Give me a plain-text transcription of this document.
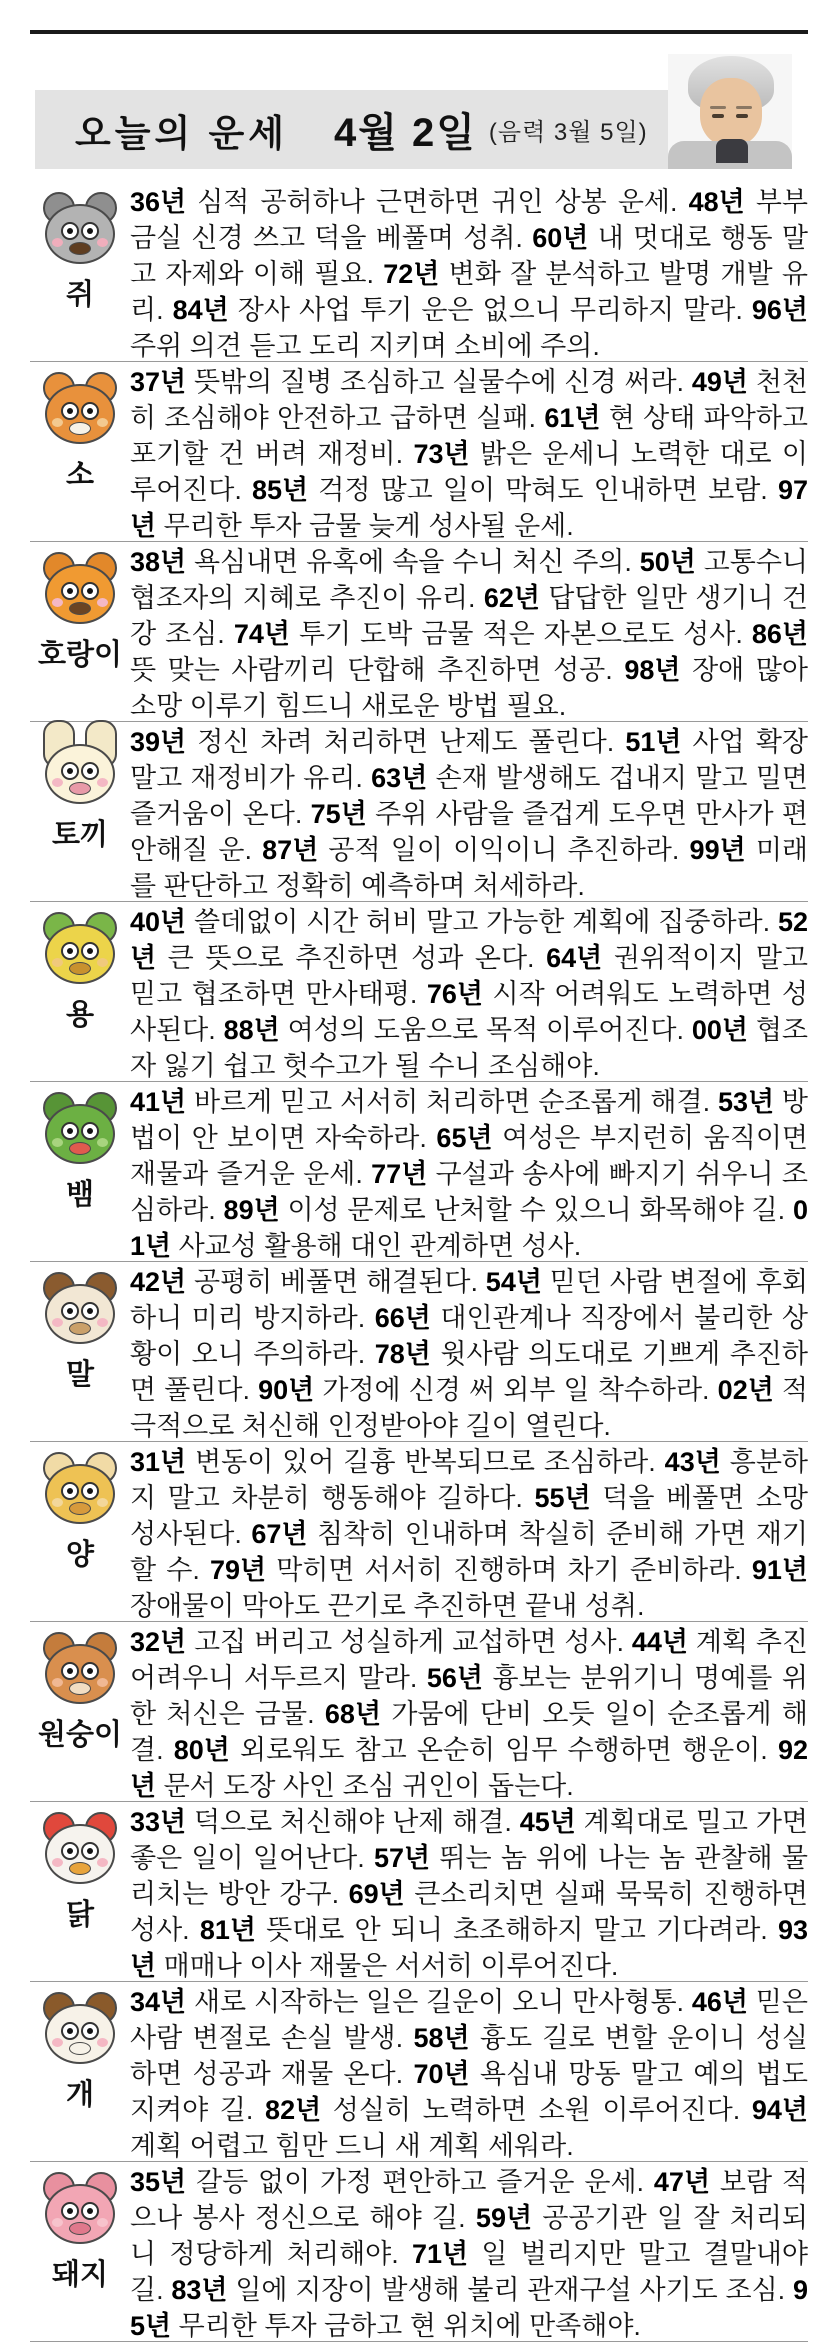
오늘의 운세 4월 2일 (음력 3월 5일)
쥐
36년 심적 공허하나 근면하면 귀인 상봉 운세. 48년 부부 금실 신경 쓰고 덕을 베풀며 성취. 60년 내 멋대로 행동 말고 자제와 이해 필요. 72년 변화 잘 분석하고 발명 개발 유리. 84년 장사 사업 투기 운은 없으니 무리하지 말라. 96년 주위 의견 듣고 도리 지키며 소비에 주의.
소
37년 뜻밖의 질병 조심하고 실물수에 신경 써라. 49년 천천히 조심해야 안전하고 급하면 실패. 61년 현 상태 파악하고 포기할 건 버려 재정비. 73년 밝은 운세니 노력한 대로 이루어진다. 85년 걱정 많고 일이 막혀도 인내하면 보람. 97년 무리한 투자 금물 늦게 성사될 운세.
호랑이
38년 욕심내면 유혹에 속을 수니 처신 주의. 50년 고통수니 협조자의 지혜로 추진이 유리. 62년 답답한 일만 생기니 건강 조심. 74년 투기 도박 금물 적은 자본으로도 성사. 86년 뜻 맞는 사람끼리 단합해 추진하면 성공. 98년 장애 많아 소망 이루기 힘드니 새로운 방법 필요.
토끼
39년 정신 차려 처리하면 난제도 풀린다. 51년 사업 확장 말고 재정비가 유리. 63년 손재 발생해도 겁내지 말고 밀면 즐거움이 온다. 75년 주위 사람을 즐겁게 도우면 만사가 편안해질 운. 87년 공적 일이 이익이니 추진하라. 99년 미래를 판단하고 정확히 예측하며 처세하라.
용
40년 쓸데없이 시간 허비 말고 가능한 계획에 집중하라. 52년 큰 뜻으로 추진하면 성과 온다. 64년 권위적이지 말고 믿고 협조하면 만사태평. 76년 시작 어려워도 노력하면 성사된다. 88년 여성의 도움으로 목적 이루어진다. 00년 협조자 잃기 쉽고 헛수고가 될 수니 조심해야.
뱀
41년 바르게 믿고 서서히 처리하면 순조롭게 해결. 53년 방법이 안 보이면 자숙하라. 65년 여성은 부지런히 움직이면 재물과 즐거운 운세. 77년 구설과 송사에 빠지기 쉬우니 조심하라. 89년 이성 문제로 난처할 수 있으니 화목해야 길. 01년 사교성 활용해 대인 관계하면 성사.
말
42년 공평히 베풀면 해결된다. 54년 믿던 사람 변절에 후회하니 미리 방지하라. 66년 대인관계나 직장에서 불리한 상황이 오니 주의하라. 78년 윗사람 의도대로 기쁘게 추진하면 풀린다. 90년 가정에 신경 써 외부 일 착수하라. 02년 적극적으로 처신해 인정받아야 길이 열린다.
양
31년 변동이 있어 길흉 반복되므로 조심하라. 43년 흥분하지 말고 차분히 행동해야 길하다. 55년 덕을 베풀면 소망 성사된다. 67년 침착히 인내하며 착실히 준비해 가면 재기할 수. 79년 막히면 서서히 진행하며 차기 준비하라. 91년 장애물이 막아도 끈기로 추진하면 끝내 성취.
원숭이
32년 고집 버리고 성실하게 교섭하면 성사. 44년 계획 추진 어려우니 서두르지 말라. 56년 흉보는 분위기니 명예를 위한 처신은 금물. 68년 가뭄에 단비 오듯 일이 순조롭게 해결. 80년 외로워도 참고 온순히 임무 수행하면 행운이. 92년 문서 도장 사인 조심 귀인이 돕는다.
닭
33년 덕으로 처신해야 난제 해결. 45년 계획대로 밀고 가면 좋은 일이 일어난다. 57년 뛰는 놈 위에 나는 놈 관찰해 물리치는 방안 강구. 69년 큰소리치면 실패 묵묵히 진행하면 성사. 81년 뜻대로 안 되니 초조해하지 말고 기다려라. 93년 매매나 이사 재물은 서서히 이루어진다.
개
34년 새로 시작하는 일은 길운이 오니 만사형통. 46년 믿은 사람 변절로 손실 발생. 58년 흉도 길로 변할 운이니 성실하면 성공과 재물 온다. 70년 욕심내 망동 말고 예의 법도 지켜야 길. 82년 성실히 노력하면 소원 이루어진다. 94년 계획 어렵고 힘만 드니 새 계획 세워라.
돼지
35년 갈등 없이 가정 편안하고 즐거운 운세. 47년 보람 적으나 봉사 정신으로 해야 길. 59년 공공기관 일 잘 처리되니 정당하게 처리해야. 71년 일 벌리지만 말고 결말내야 길. 83년 일에 지장이 발생해 불리 관재구설 사기도 조심. 95년 무리한 투자 금하고 현 위치에 만족해야.
